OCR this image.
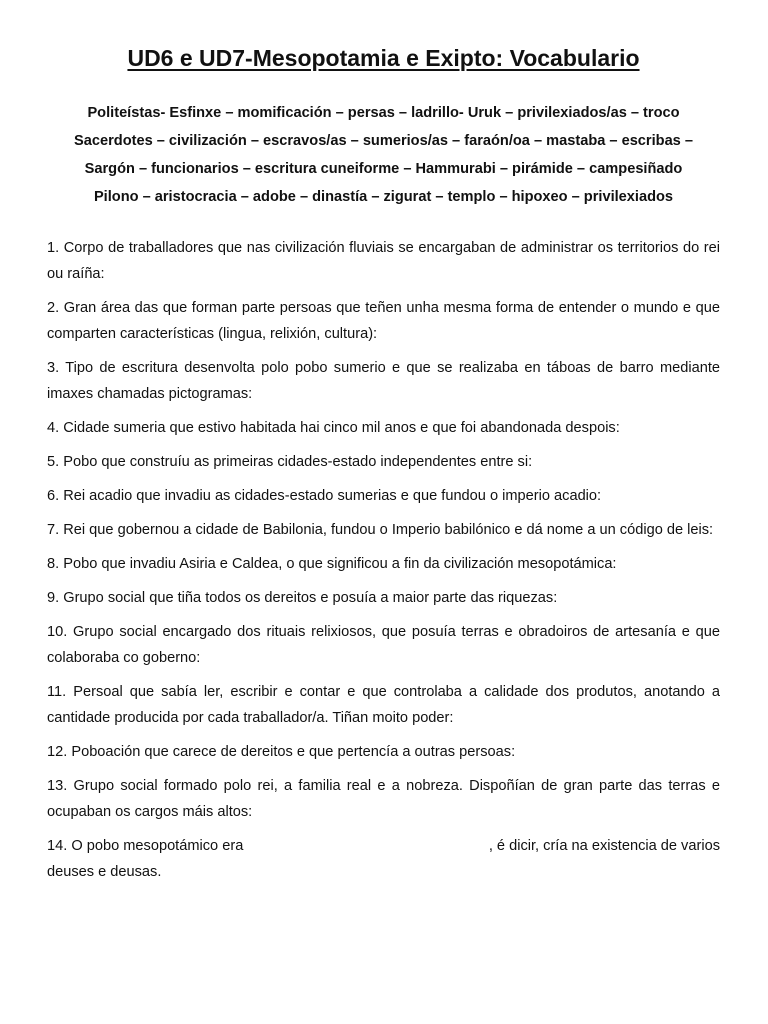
UD6 e UD7-Mesopotamia e Exipto: Vocabulario
Politeístas- Esfinxe – momificación – persas – ladrillo- Uruk – privilexiados/as – troco
Sacerdotes – civilización – escravos/as – sumerios/as – faraón/oa – mastaba – escribas –
Sargón – funcionarios – escritura cuneiforme – Hammurabi – pirámide – campesiñado
Pilono – aristocracia – adobe – dinastía – zigurat – templo – hipoxeo – privilexiados

1. Corpo de traballadores que nas civilización fluviais se encargaban de administrar os territorios do rei ou raíña:

2. Gran área das que forman parte persoas que teñen unha mesma forma de entender o mundo e que comparten características (lingua, relixión, cultura):

3. Tipo de escritura desenvolta polo pobo sumerio e que se realizaba en táboas de barro mediante imaxes chamadas pictogramas:

4. Cidade sumeria que estivo habitada hai cinco mil anos e que foi abandonada despois:

5. Pobo que construíu as primeiras cidades-estado independentes entre si:

6. Rei acadio que invadiu as cidades-estado sumerias e que fundou o imperio acadio:

7. Rei que gobernou a cidade de Babilonia, fundou o Imperio babilónico e dá nome a un código de leis:

8. Pobo que invadiu Asiria e Caldea, o que significou a fin da civilización mesopotámica:

9. Grupo social que tiña todos os dereitos e posuía a maior parte das riquezas:

10. Grupo social encargado dos rituais relixiosos, que posuía terras e obradoiros de artesanía e que colaboraba co goberno:

11. Persoal que sabía ler, escribir e contar e que controlaba a calidade dos produtos, anotando a cantidade producida por cada traballador/a. Tiñan moito poder:

12. Poboación que carece de dereitos e que pertencía a outras persoas:

13. Grupo social formado polo rei, a familia real e a nobreza. Dispoñían de gran parte das terras e ocupaban os cargos máis altos:

14. O pobo mesopotámico era	, é dicir, cría na existencia de varios

deuses e deusas.
